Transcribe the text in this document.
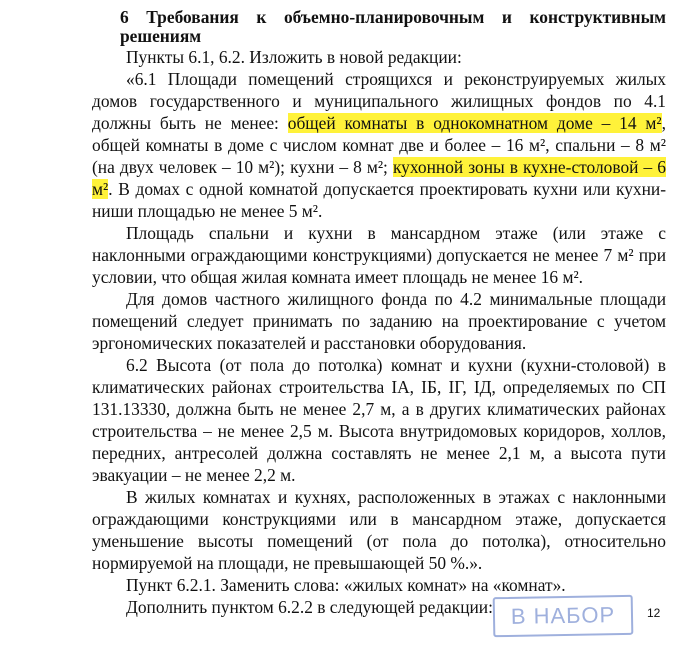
6 Требования к объемно-планировочным и конструктивным решениям

Пункты 6.1, 6.2. Изложить в новой редакции:

«6.1 Площади помещений строящихся и реконструируемых жилых домов государственного и муниципального жилищных фондов по 4.1 должны быть не менее: общей комнаты в однокомнатном доме – 14 м², общей комнаты в доме с числом комнат две и более – 16 м², спальни – 8 м² (на двух человек – 10 м²); кухни – 8 м²; кухонной зоны в кухне-столовой – 6 м². В домах с одной комнатой допускается проектировать кухни или кухни-ниши площадью не менее 5 м².

Площадь спальни и кухни в мансардном этаже (или этаже с наклонными ограждающими конструкциями) допускается не менее 7 м² при условии, что общая жилая комната имеет площадь не менее 16 м².

Для домов частного жилищного фонда по 4.2 минимальные площади помещений следует принимать по заданию на проектирование с учетом эргономических показателей и расстановки оборудования.

6.2 Высота (от пола до потолка) комнат и кухни (кухни-столовой) в климатических районах строительства IА, IБ, IГ, IД, определяемых по СП 131.13330, должна быть не менее 2,7 м, а в других климатических районах строительства – не менее 2,5 м. Высота внутридомовых коридоров, холлов, передних, антресолей должна составлять не менее 2,1 м, а высота пути эвакуации – не менее 2,2 м.

В жилых комнатах и кухнях, расположенных в этажах с наклонными ограждающими конструкциями или в мансардном этаже, допускается уменьшение высоты помещений (от пола до потолка), относительно нормируемой на площади, не превышающей 50 %.».

Пункт 6.2.1. Заменить слова: «жилых комнат» на «комнат».

Дополнить пунктом 6.2.2 в следующей редакции: В НАБОР	12
